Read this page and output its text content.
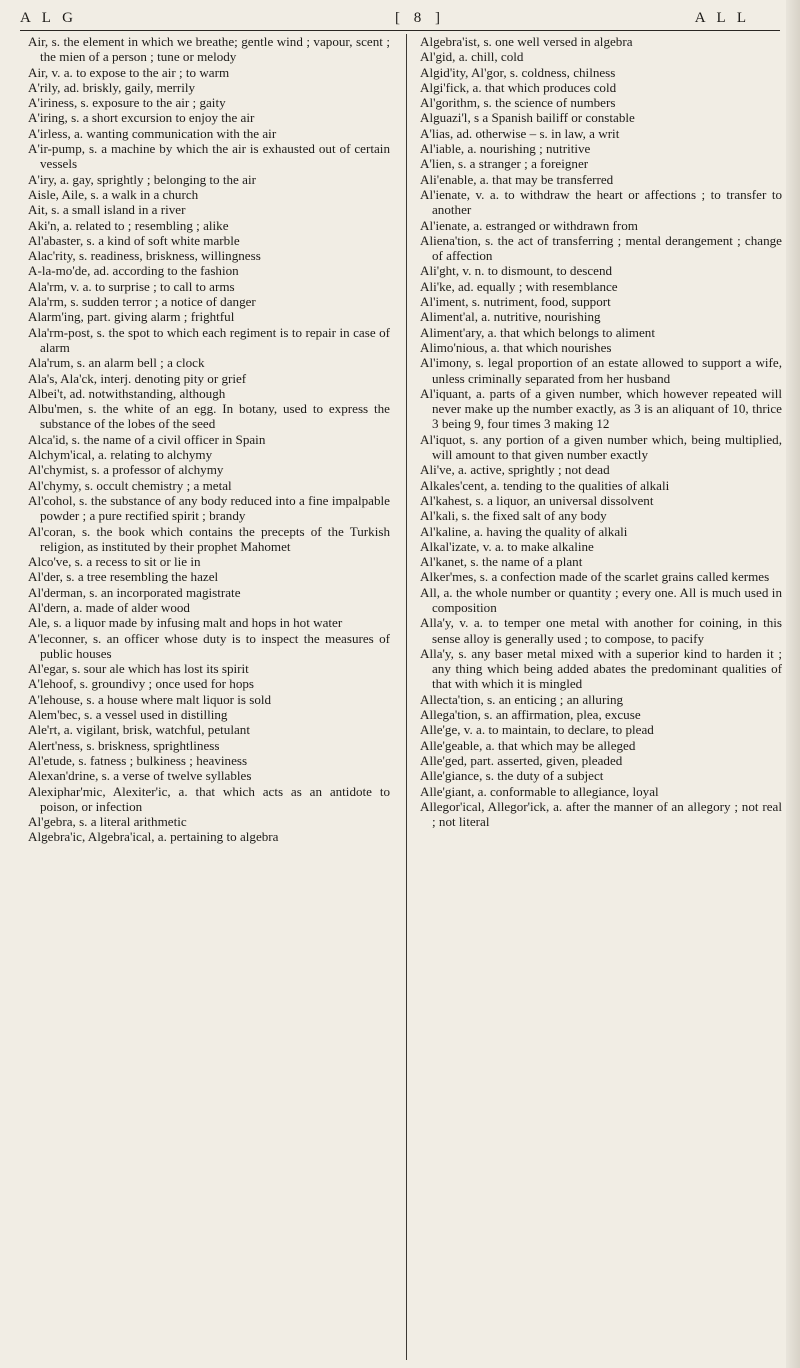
A L G	[ 8 ]	A L L

Air, s. the element in which we breathe; gentle wind ; vapour, scent ; the mien of a person ; tune or melody

Air, v. a. to expose to the air ; to warm

A'rily, ad. briskly, gaily, merrily

A'iriness, s. exposure to the air ; gaity

A'iring, s. a short excursion to enjoy the air

A'irless, a. wanting communication with the air

A'ir-pump, s. a machine by which the air is exhausted out of certain vessels

A'iry, a. gay, sprightly ; belonging to the air

Aisle, Aile, s. a walk in a church

Ait, s. a small island in a river

Aki'n, a. related to ; resembling ; alike

Al'abaster, s. a kind of soft white marble

Alac'rity, s. readiness, briskness, willingness

A-la-mo'de, ad. according to the fashion

Ala'rm, v. a. to surprise ; to call to arms

Ala'rm, s. sudden terror ; a notice of danger

Alarm'ing, part. giving alarm ; frightful

Ala'rm-post, s. the spot to which each regiment is to repair in case of alarm

Ala'rum, s. an alarm bell ; a clock

Ala's, Ala'ck, interj. denoting pity or grief

Albei't, ad. notwithstanding, although

Albu'men, s. the white of an egg. In botany, used to express the substance of the lobes of the seed

Alca'id, s. the name of a civil officer in Spain

Alchym'ical, a. relating to alchymy

Al'chymist, s. a professor of alchymy

Al'chymy, s. occult chemistry ; a metal

Al'cohol, s. the substance of any body reduced into a fine impalpable powder ; a pure rectified spirit ; brandy

Al'coran, s. the book which contains the precepts of the Turkish religion, as instituted by their prophet Mahomet

Alco've, s. a recess to sit or lie in

Al'der, s. a tree resembling the hazel

Al'derman, s. an incorporated magistrate

Al'dern, a. made of alder wood

Ale, s. a liquor made by infusing malt and hops in hot water

A'leconner, s. an officer whose duty is to inspect the measures of public houses

Al'egar, s. sour ale which has lost its spirit

A'lehoof, s. groundivy ; once used for hops

A'lehouse, s. a house where malt liquor is sold

Alem'bec, s. a vessel used in distilling

Ale'rt, a. vigilant, brisk, watchful, petulant

Alert'ness, s. briskness, sprightliness

Al'etude, s. fatness ; bulkiness ; heaviness

Alexan'drine, s. a verse of twelve syllables

Alexiphar'mic, Alexiter'ic, a. that which acts as an antidote to poison, or infection

Al'gebra, s. a literal arithmetic

Algebra'ic, Algebra'ical, a. pertaining to algebra

Algebra'ist, s. one well versed in algebra

Al'gid, a. chill, cold

Algid'ity, Al'gor, s. coldness, chilness

Algi'fick, a. that which produces cold

Al'gorithm, s. the science of numbers

Alguazi'l, s a Spanish bailiff or constable

A'lias, ad. otherwise – s. in law, a writ

Al'iable, a. nourishing ; nutritive

A'lien, s. a stranger ; a foreigner

Ali'enable, a. that may be transferred

Al'ienate, v. a. to withdraw the heart or affections ; to transfer to another

Al'ienate, a. estranged or withdrawn from

Aliena'tion, s. the act of transferring ; mental derangement ; change of affection

Ali'ght, v. n. to dismount, to descend

Ali'ke, ad. equally ; with resemblance

Al'iment, s. nutriment, food, support

Aliment'al, a. nutritive, nourishing

Aliment'ary, a. that which belongs to aliment

Alimo'nious, a. that which nourishes

Al'imony, s. legal proportion of an estate allowed to support a wife, unless criminally separated from her husband

Al'iquant, a. parts of a given number, which however repeated will never make up the number exactly, as 3 is an aliquant of 10, thrice 3 being 9, four times 3 making 12

Al'iquot, s. any portion of a given number which, being multiplied, will amount to that given number exactly

Ali've, a. active, sprightly ; not dead

Alkales'cent, a. tending to the qualities of alkali

Al'kahest, s. a liquor, an universal dissolvent

Al'kali, s. the fixed salt of any body

Al'kaline, a. having the quality of alkali

Alkal'izate, v. a. to make alkaline

Al'kanet, s. the name of a plant

Alker'mes, s. a confection made of the scarlet grains called kermes

All, a. the whole number or quantity ; every one. All is much used in composition

Alla'y, v. a. to temper one metal with another for coining, in this sense alloy is generally used ; to compose, to pacify

Alla'y, s. any baser metal mixed with a superior kind to harden it ; any thing which being added abates the predominant qualities of that with which it is mingled

Allecta'tion, s. an enticing ; an alluring

Allega'tion, s. an affirmation, plea, excuse

Alle'ge, v. a. to maintain, to declare, to plead

Alle'geable, a. that which may be alleged

Alle'ged, part. asserted, given, pleaded

Alle'giance, s. the duty of a subject

Alle'giant, a. conformable to allegiance, loyal

Allegor'ical, Allegor'ick, a. after the manner of an allegory ; not real ; not literal
